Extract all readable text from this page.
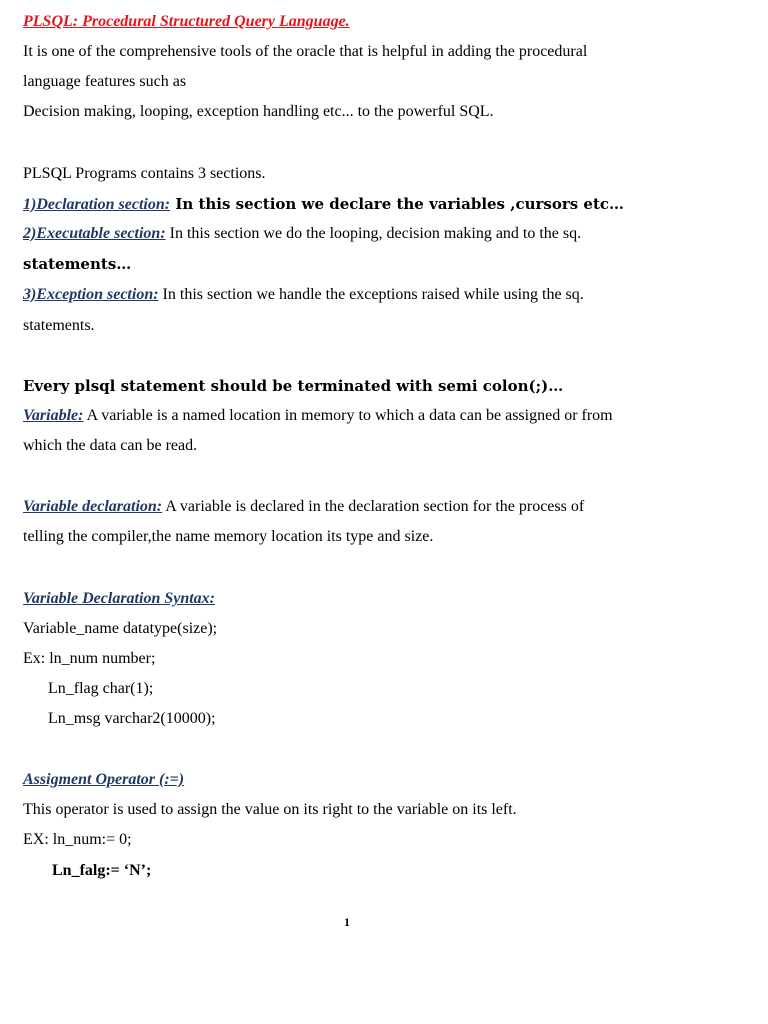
PLSQL: Procedural Structured Query Language.
It is one of the comprehensive tools of the oracle that is helpful in adding the procedural
language features such as
Decision making, looping, exception handling etc... to the powerful SQL.
PLSQL Programs contains 3 sections.
1)Declaration section: In this section we declare the variables ,cursors etc…
2)Executable section: In this section we do the looping, decision making and to the sq.
statements…
3)Exception section: In this section we handle the exceptions raised while using the sq.
statements.
Every plsql statement should be terminated with semi colon(;)…
Variable: A variable is a named location in memory to which a data can be assigned or from
which the data can be read.
Variable declaration: A variable is declared in the declaration section for the process of
telling the compiler,the name memory location its type and size.
Variable Declaration Syntax:
Variable_name datatype(size);
Ex: ln_num number;
Ln_flag char(1);
Ln_msg varchar2(10000);
Assigment Operator (:=)
This operator is used to assign the value on its right to the variable on its left.
EX: ln_num:= 0;
Ln_falg:= ‘N’;
1
